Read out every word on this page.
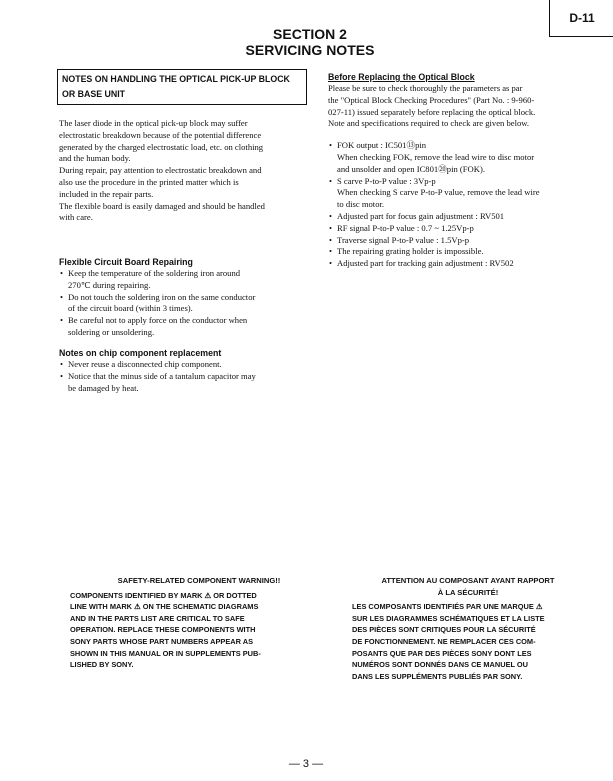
D-11
SECTION 2
SERVICING NOTES
NOTES ON HANDLING THE OPTICAL PICK-UP BLOCK
OR BASE UNIT

The laser diode in the optical pick-up block may suffer

electrostatic breakdown because of the potential difference

generated by the charged electrostatic load, etc. on clothing

and the human body.

During repair, pay attention to electrostatic breakdown and

also use the procedure in the printed matter which is

included in the repair parts.

The flexible board is easily damaged and should be handled

with care.

Flexible Circuit Board Repairing
• Keep the temperature of the soldering iron around
270℃ during repairing.
• Do not touch the soldering iron on the same conductor
of the circuit board (within 3 times).
• Be careful not to apply force on the conductor when
soldering or unsoldering.
Notes on chip component replacement
• Never reuse a disconnected chip component.
• Notice that the minus side of a tantalum capacitor may
be damaged by heat.
Before Replacing the Optical Block

Please be sure to check thoroughly the parameters as par

the "Optical Block Checking Procedures" (Part No. : 9-960-

027-11) issued separately before replacing the optical block.

Note and specifications required to check are given below.

• FOK output : IC501⑬pin
When checking FOK, remove the lead wire to disc motor
and unsolder and open IC801⑳pin (FOK).
• S carve P-to-P value : 3Vp-p
When checking S carve P-to-P value, remove the lead wire
to disc motor.
• Adjusted part for focus gain adjustment : RV501
• RF signal P-to-P value : 0.7 ~ 1.25Vp-p
• Traverse signal P-to-P value : 1.5Vp-p
• The repairing grating holder is impossible.
• Adjusted part for tracking gain adjustment : RV502
SAFETY-RELATED COMPONENT WARNING!!
COMPONENTS IDENTIFIED BY MARK ⚠ OR DOTTED
LINE WITH MARK ⚠ ON THE SCHEMATIC DIAGRAMS
AND IN THE PARTS LIST ARE CRITICAL TO SAFE
OPERATION. REPLACE THESE COMPONENTS WITH
SONY PARTS WHOSE PART NUMBERS APPEAR AS
SHOWN IN THIS MANUAL OR IN SUPPLEMENTS PUB-
LISHED BY SONY.
ATTENTION AU COMPOSANT AYANT RAPPORT
À LA SÉCURITÉ!
LES COMPOSANTS IDENTIFIÉS PAR UNE MARQUE ⚠
SUR LES DIAGRAMMES SCHÉMATIQUES ET LA LISTE
DES PIÈCES SONT CRITIQUES POUR LA SÉCURITÉ
DE FONCTIONNEMENT. NE REMPLACER CES COM-
POSANTS QUE PAR DES PIÈCES SONY DONT LES
NUMÉROS SONT DONNÉS DANS CE MANUEL OU
DANS LES SUPPLÉMENTS PUBLIÉS PAR SONY.
— 3 —
